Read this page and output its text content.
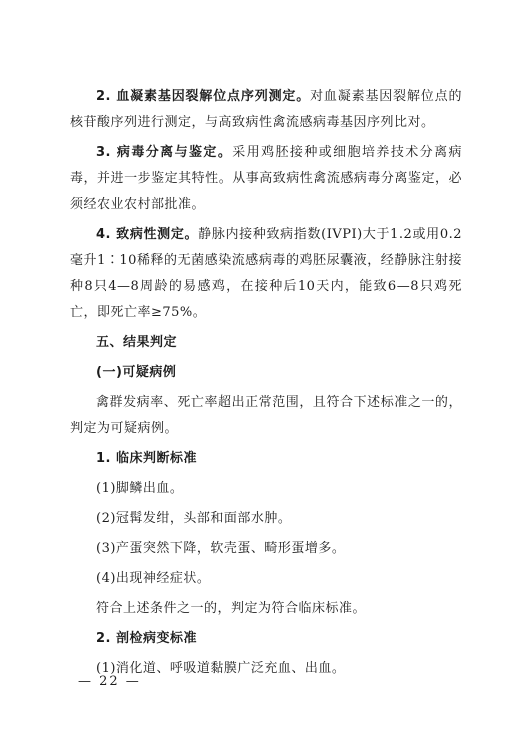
2. 血凝素基因裂解位点序列测定。对血凝素基因裂解位点的核苷酸序列进行测定，与高致病性禽流感病毒基因序列比对。

3. 病毒分离与鉴定。采用鸡胚接种或细胞培养技术分离病毒，并进一步鉴定其特性。从事高致病性禽流感病毒分离鉴定，必须经农业农村部批准。

4. 致病性测定。静脉内接种致病指数(IVPI)大于1.2或用0.2毫升1∶10稀释的无菌感染流感病毒的鸡胚尿囊液，经静脉注射接种8只4—8周龄的易感鸡，在接种后10天内，能致6—8只鸡死亡，即死亡率≥75%。

五、结果判定

(一)可疑病例

禽群发病率、死亡率超出正常范围，且符合下述标准之一的，判定为可疑病例。

1. 临床判断标准

(1)脚鳞出血。

(2)冠髯发绀，头部和面部水肿。

(3)产蛋突然下降，软壳蛋、畸形蛋增多。

(4)出现神经症状。

符合上述条件之一的，判定为符合临床标准。

2. 剖检病变标准

(1)消化道、呼吸道黏膜广泛充血、出血。

— 22 —
